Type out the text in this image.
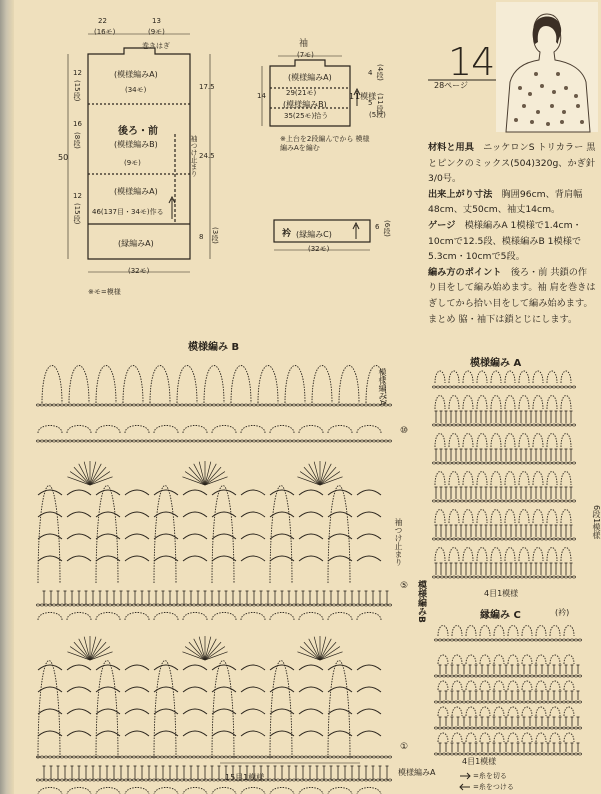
22
(16モ)
13
(9モ)
巻きはぎ
(模様編みA)
(34モ)
後ろ・前
(模様編みB)
(9モ)
(模様編みA)
46(137目・34モ)作る
(縁編みA)
(32モ)
12
(15段)
16
(8段)
12
(15段)
50
17.5
24.5
袖つけ止まり
8 (3段)
※モ=模様
袖
(7モ)
(模様編みA)
29(21モ)
(模様編みB)
35(25モ)拾う
14
4 (4段)
1 1模様
5 (11段)
(5段)
※上台を2段編んでから 模様編みAを編む
衿 (縁編みC)
6 (6段)
(32モ)
14
28ページ

材料と用具　 ニッケロンS トリカラー 黒とピンクのミックス(504)320g、かぎ針3/0号。

出来上がり寸法　 胸囲96cm、背肩幅48cm、丈50cm、袖丈14cm。

ゲージ　 模様編みA 1模様で1.4cm・10cmで12.5段、模様編みB 1模様で5.3cm・10cmで5段。

編み方のポイント　 後ろ・前 共鎖の作り目をして編み始めます。袖 肩を巻きはぎしてから拾い目をして編み始めます。まとめ 脇・袖下は鎖とじにします。

模様編み B
模様編みA
模様編みB
模様編みA
15目1模様
袖つけ止まり
①
⑤
⑩
模様編み A
4目1模様
6段1模様
縁編み C	(衿)
4目1模様
=糸を切る
=糸をつける
